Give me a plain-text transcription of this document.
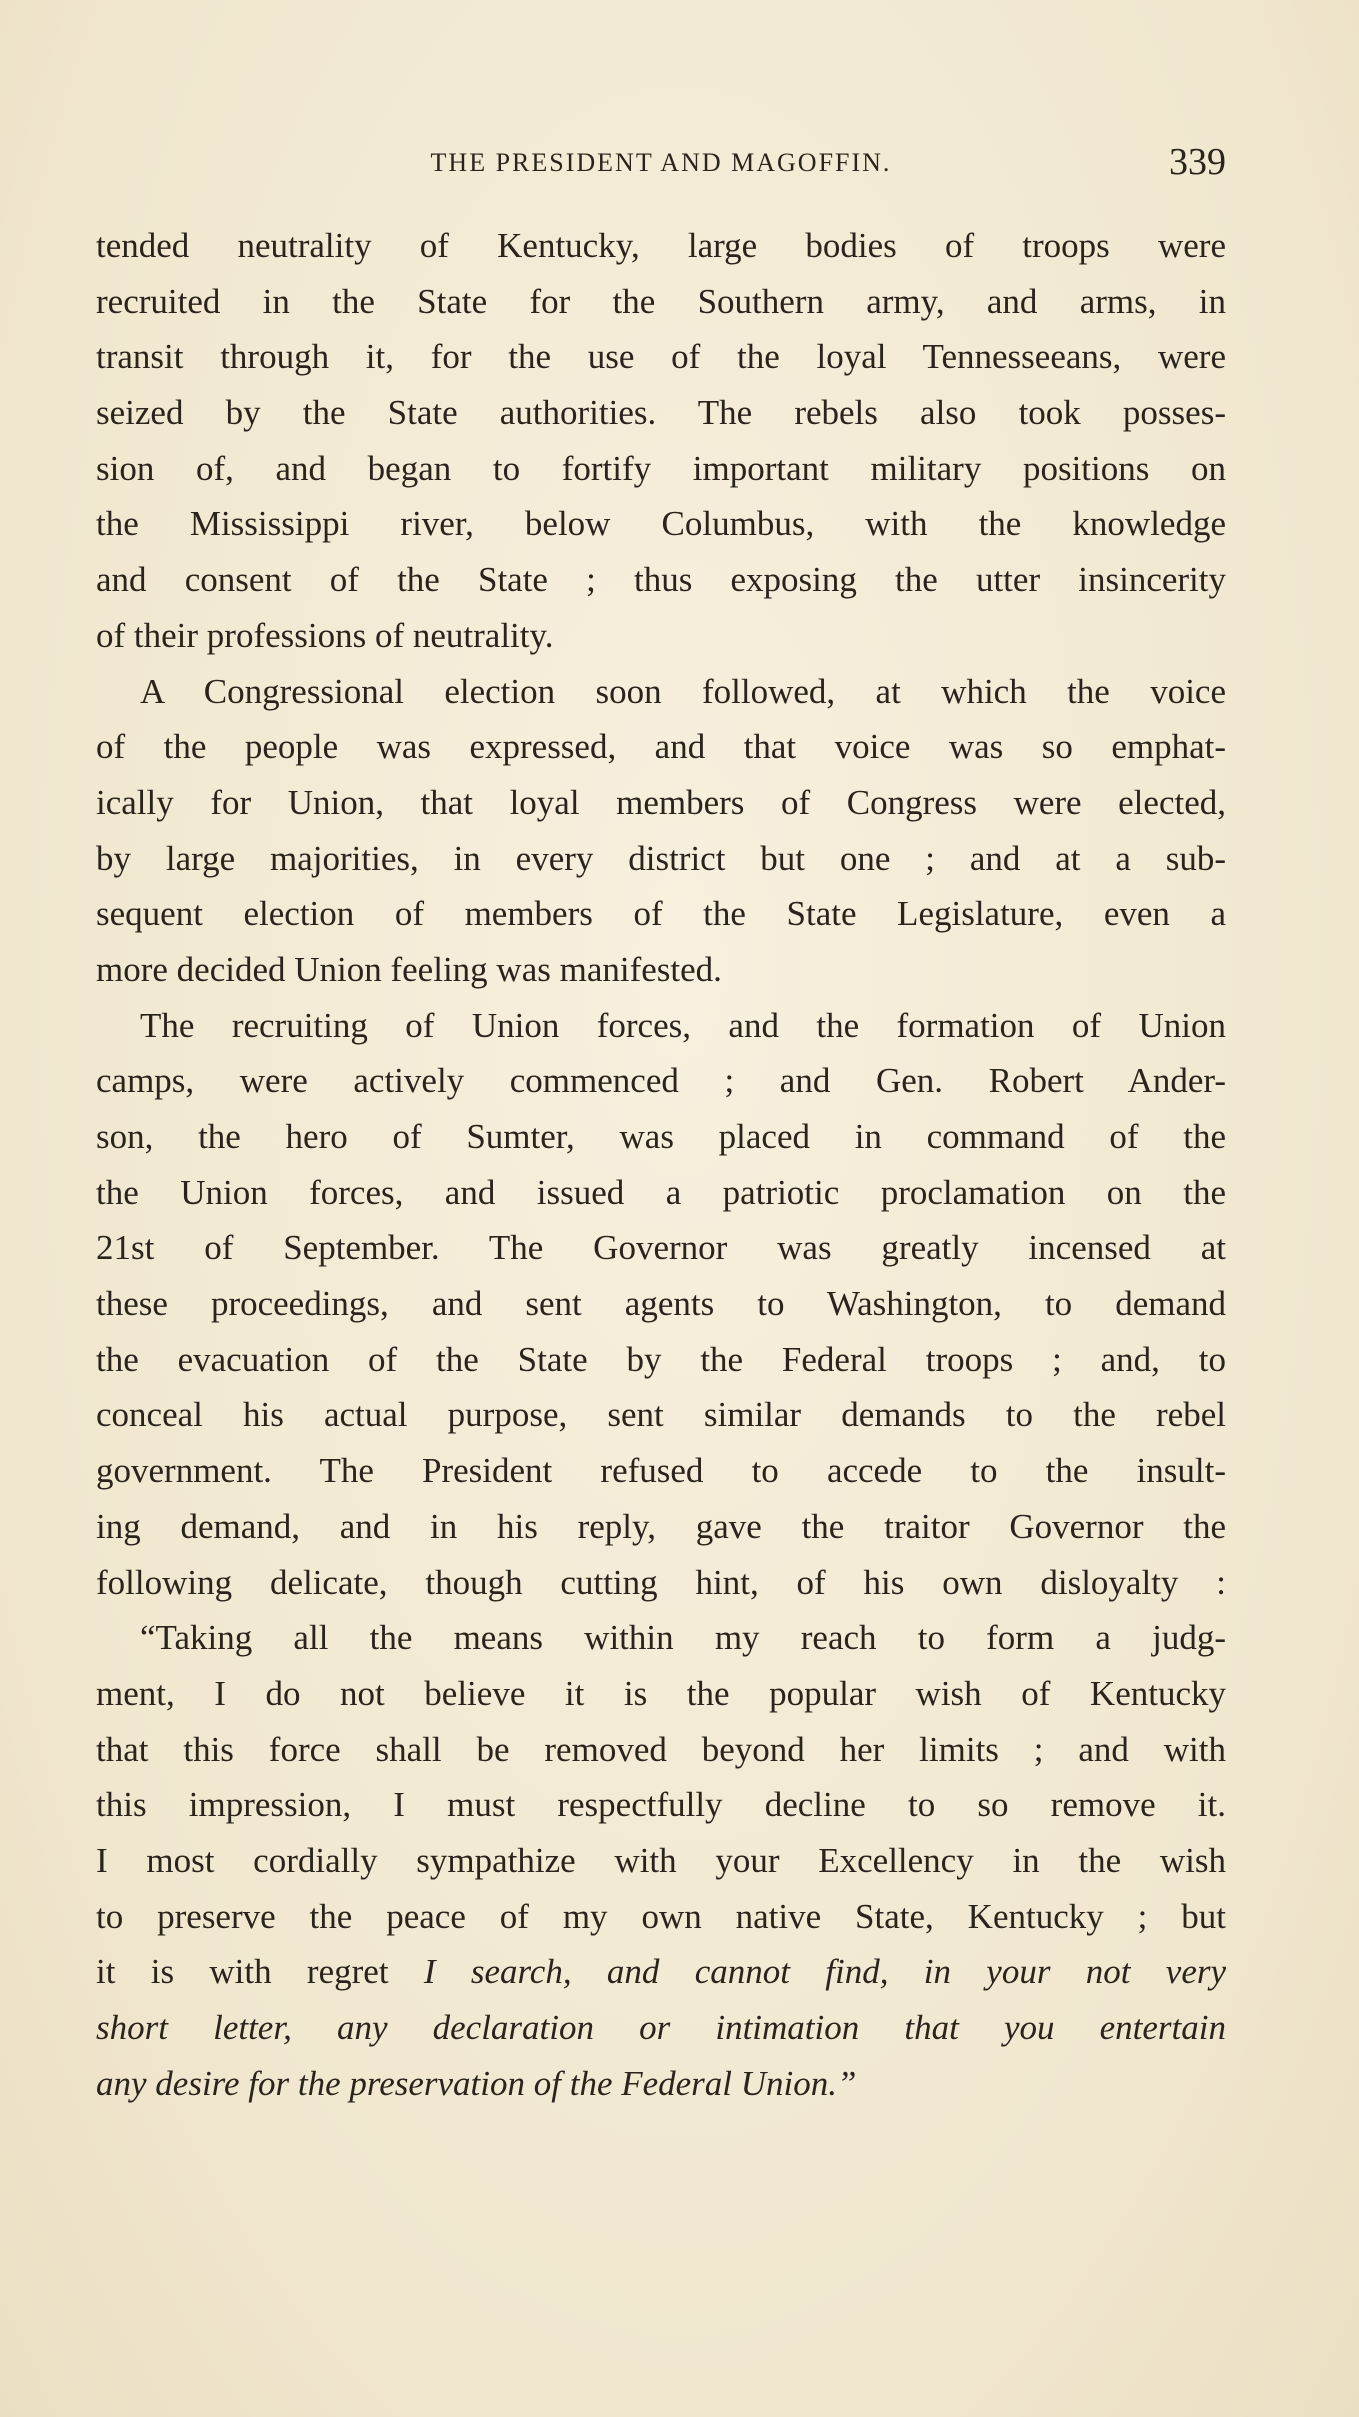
THE PRESIDENT AND MAGOFFIN.	339
tended neutrality of Kentucky, large bodies of troops were
recruited in the State for the Southern army, and arms, in
transit through it, for the use of the loyal Tennesseeans, were
seized by the State authorities. The rebels also took posses-
sion of, and began to fortify important military positions on
the Mississippi river, below Columbus, with the knowledge
and consent of the State ; thus exposing the utter insincerity
of their professions of neutrality.
A Congressional election soon followed, at which the voice
of the people was expressed, and that voice was so emphat-
ically for Union, that loyal members of Congress were elected,
by large majorities, in every district but one ; and at a sub-
sequent election of members of the State Legislature, even a
more decided Union feeling was manifested.
The recruiting of Union forces, and the formation of Union
camps, were actively commenced ; and Gen. Robert Ander-
son, the hero of Sumter, was placed in command of the
the Union forces, and issued a patriotic proclamation on the
21st of September. The Governor was greatly incensed at
these proceedings, and sent agents to Washington, to demand
the evacuation of the State by the Federal troops ; and, to
conceal his actual purpose, sent similar demands to the rebel
government. The President refused to accede to the insult-
ing demand, and in his reply, gave the traitor Governor the
following delicate, though cutting hint, of his own disloyalty :
“Taking all the means within my reach to form a judg-
ment, I do not believe it is the popular wish of Kentucky
that this force shall be removed beyond her limits ; and with
this impression, I must respectfully decline to so remove it.
I most cordially sympathize with your Excellency in the wish
to preserve the peace of my own native State, Kentucky ; but
it is with regret I search, and cannot find, in your not very
short letter, any declaration or intimation that you entertain
any desire for the preservation of the Federal Union.”
